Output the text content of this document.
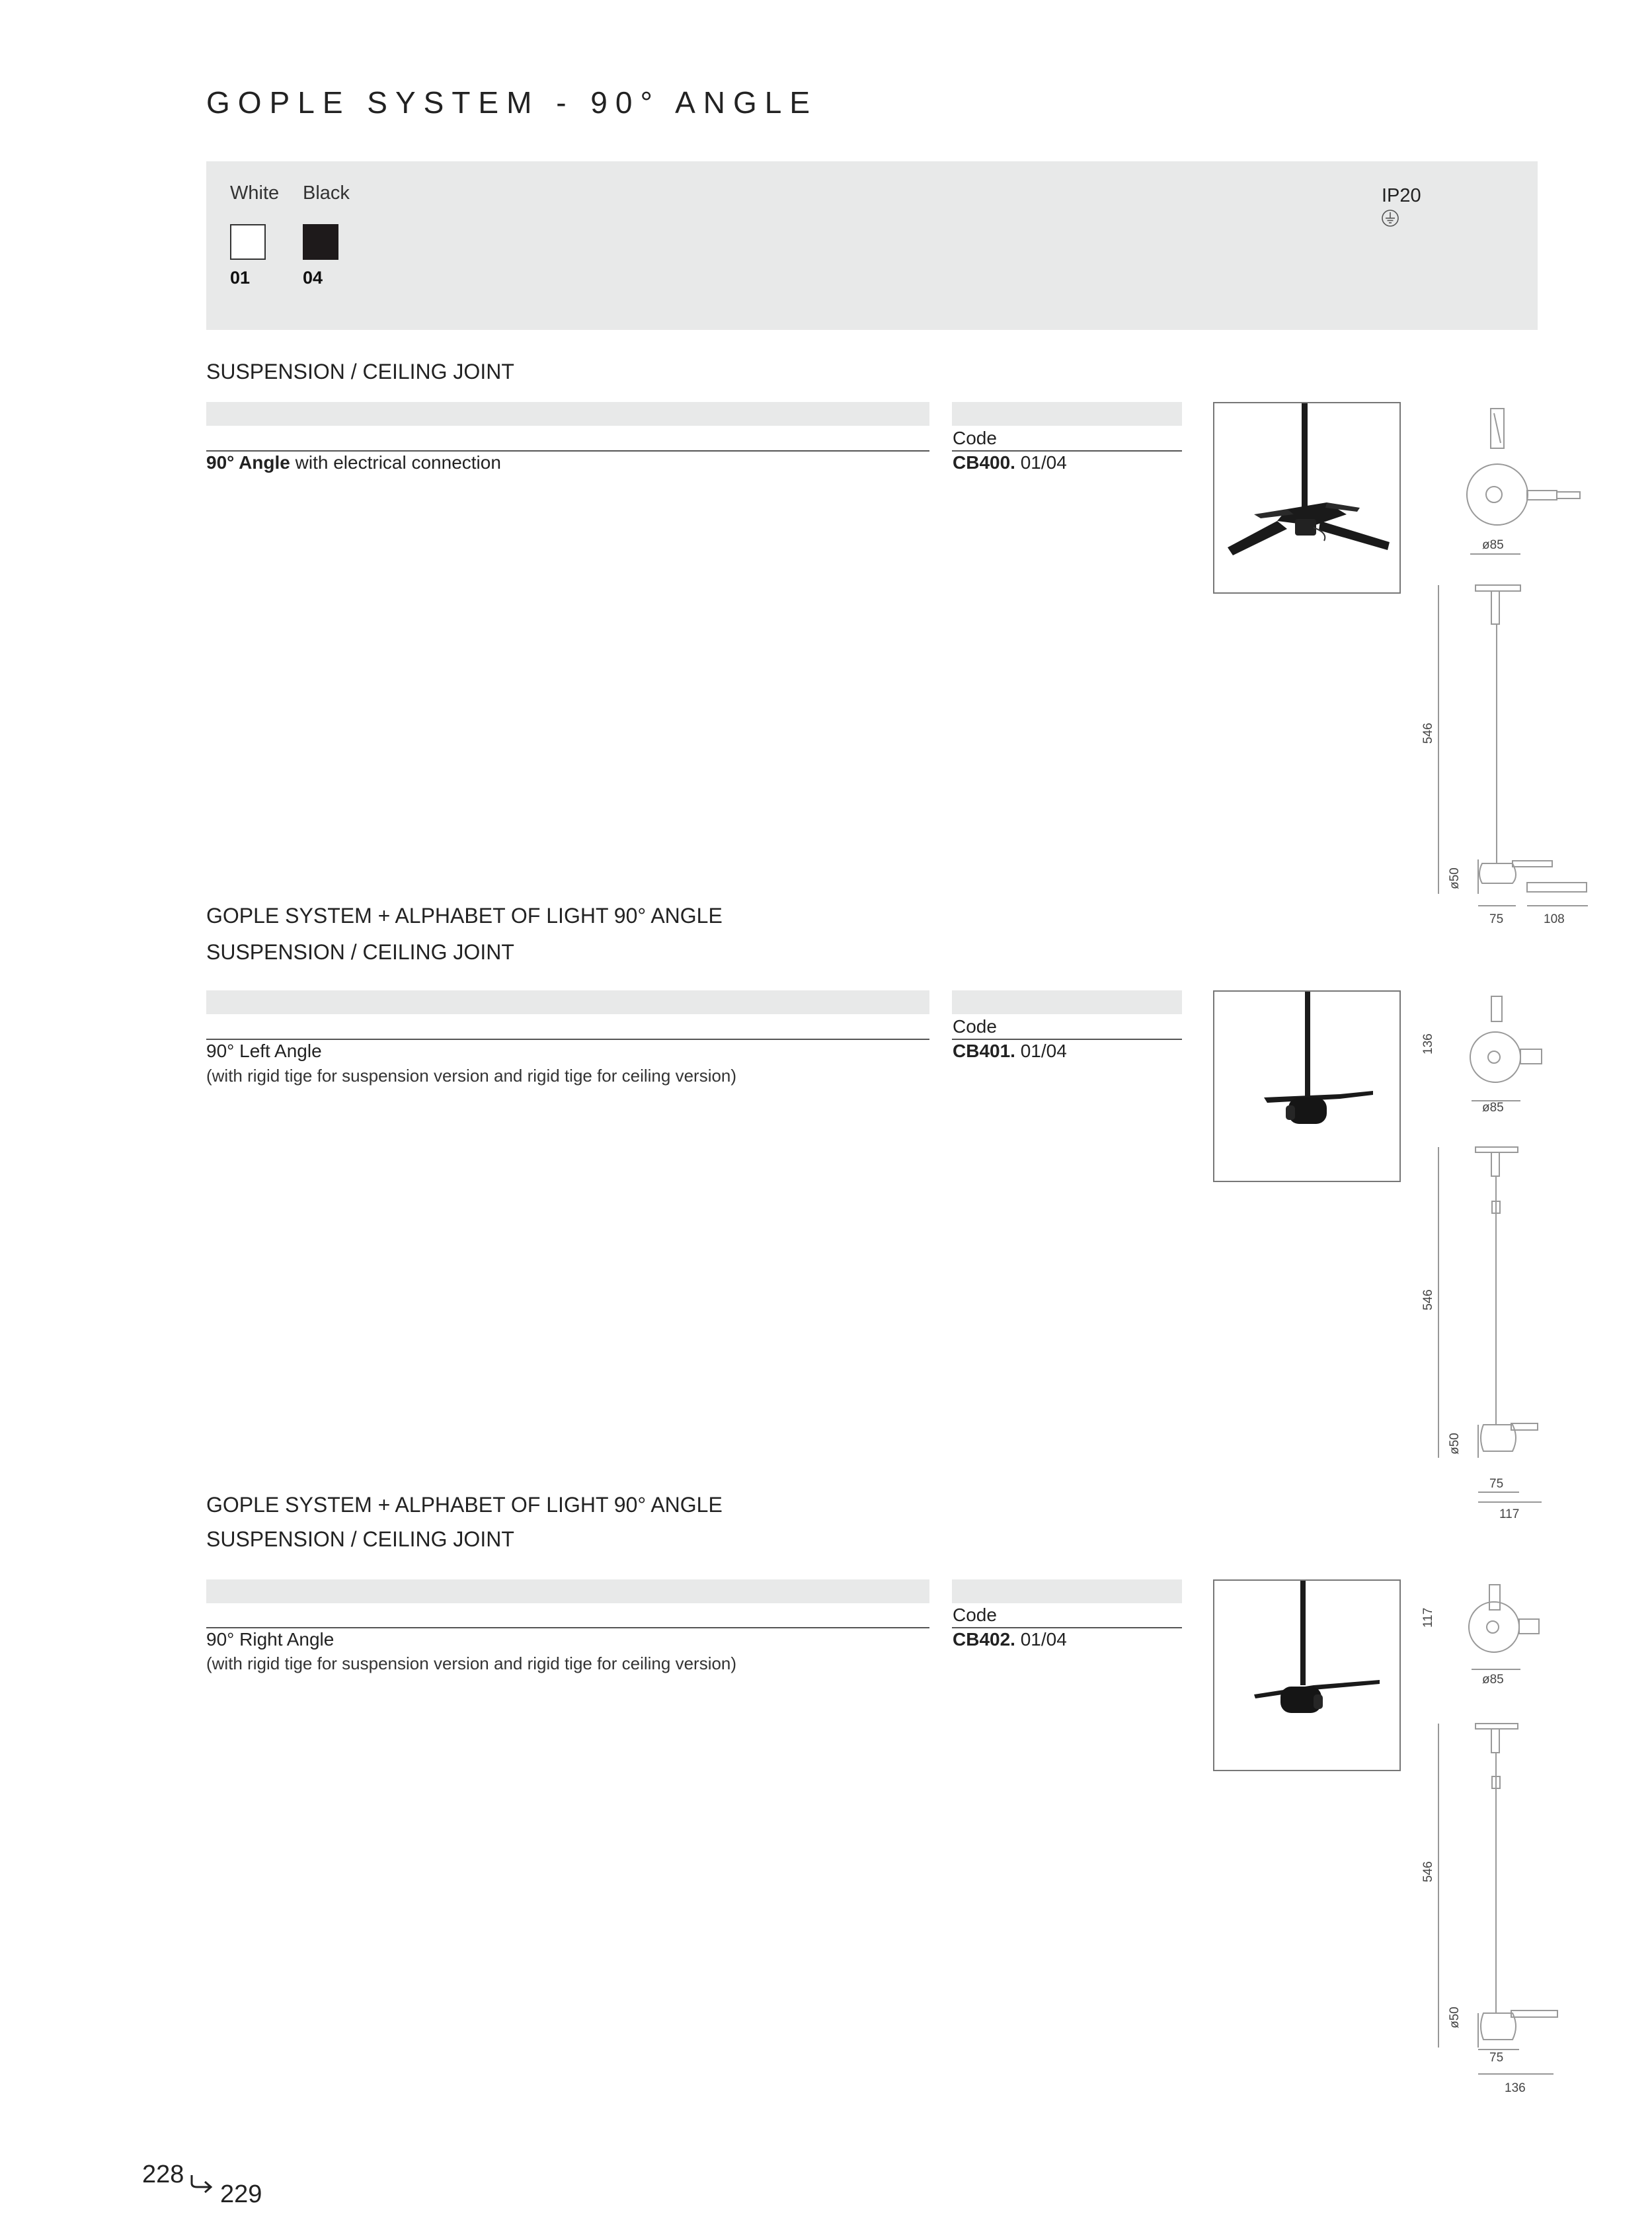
GOPLE SYSTEM - 90° ANGLE
White Black
01	04
IP20
SUSPENSION / CEILING JOINT
Code
90° Angle with electrical connection	CB400. 01/04
ø85
546
ø50
75	108
GOPLE SYSTEM + ALPHABET OF LIGHT 90° ANGLE
SUSPENSION / CEILING JOINT
Code
90° Left Angle
(with rigid tige for suspension version and rigid tige for ceiling version)
CB401. 01/04	136
ø85
546
ø50
75
117
GOPLE SYSTEM + ALPHABET OF LIGHT 90° ANGLE
SUSPENSION / CEILING JOINT
Code
90° Right Angle
(with rigid tige for suspension version and rigid tige for ceiling version)
CB402. 01/04
117
ø85
546
ø50
75
136
228
229
